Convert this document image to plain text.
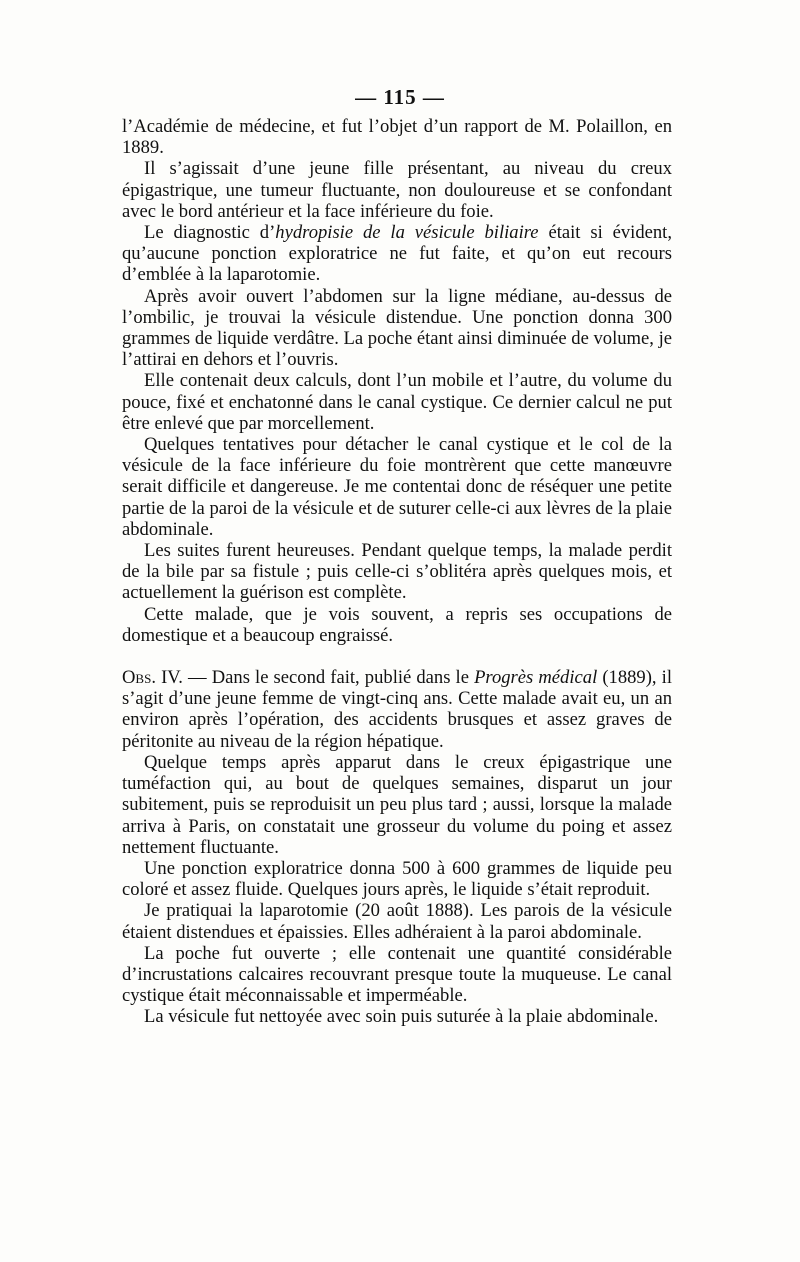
— 115 —

l’Académie de médecine, et fut l’objet d’un rapport de M. Polaillon, en 1889.

Il s’agissait d’une jeune fille présentant, au niveau du creux épigastrique, une tumeur fluctuante, non douloureuse et se confondant avec le bord antérieur et la face inférieure du foie.

Le diagnostic d’hydropisie de la vésicule biliaire était si évident, qu’aucune ponction exploratrice ne fut faite, et qu’on eut recours d’emblée à la laparotomie.

Après avoir ouvert l’abdomen sur la ligne médiane, au-dessus de l’ombilic, je trouvai la vésicule distendue. Une ponction donna 300 grammes de liquide verdâtre. La poche étant ainsi diminuée de volume, je l’attirai en dehors et l’ouvris.

Elle contenait deux calculs, dont l’un mobile et l’autre, du volume du pouce, fixé et enchatonné dans le canal cystique. Ce dernier calcul ne put être enlevé que par morcellement.

Quelques tentatives pour détacher le canal cystique et le col de la vésicule de la face inférieure du foie montrèrent que cette manœuvre serait difficile et dangereuse. Je me contentai donc de réséquer une petite partie de la paroi de la vésicule et de suturer celle-ci aux lèvres de la plaie abdominale.

Les suites furent heureuses. Pendant quelque temps, la malade perdit de la bile par sa fistule ; puis celle-ci s’oblitéra après quelques mois, et actuellement la guérison est complète.

Cette malade, que je vois souvent, a repris ses occupations de domestique et a beaucoup engraissé.

Obs. IV. — Dans le second fait, publié dans le Progrès médical (1889), il s’agit d’une jeune femme de vingt-cinq ans. Cette malade avait eu, un an environ après l’opération, des accidents brusques et assez graves de péritonite au niveau de la région hépatique.

Quelque temps après apparut dans le creux épigastrique une tuméfaction qui, au bout de quelques semaines, disparut un jour subitement, puis se reproduisit un peu plus tard ; aussi, lorsque la malade arriva à Paris, on constatait une grosseur du volume du poing et assez nettement fluctuante.

Une ponction exploratrice donna 500 à 600 grammes de liquide peu coloré et assez fluide. Quelques jours après, le liquide s’était reproduit.

Je pratiquai la laparotomie (20 août 1888). Les parois de la vésicule étaient distendues et épaissies. Elles adhéraient à la paroi abdominale.

La poche fut ouverte ; elle contenait une quantité considérable d’incrustations calcaires recouvrant presque toute la muqueuse. Le canal cystique était méconnaissable et imperméable.

La vésicule fut nettoyée avec soin puis suturée à la plaie abdominale.
